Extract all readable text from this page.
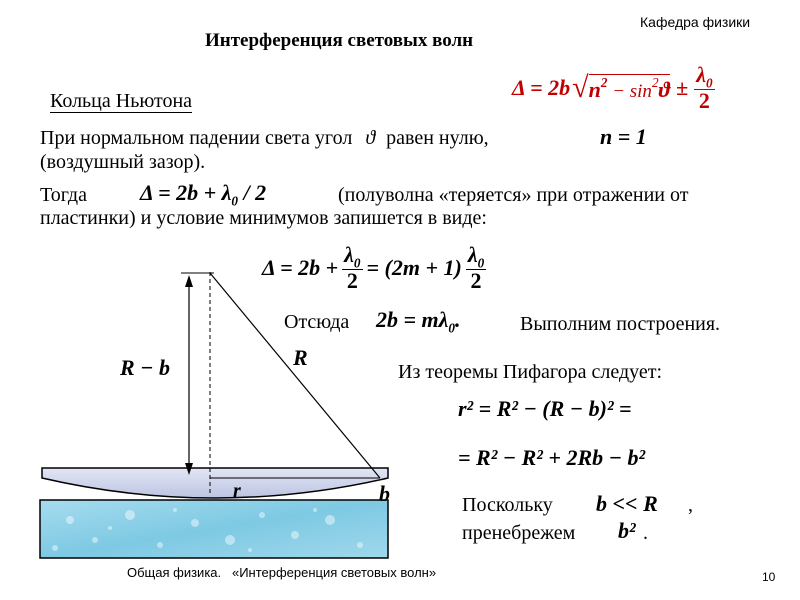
Кафедра физики
Интерференция световых волн
Δ = 2b √ $n^2 - \sin^2ϑ \pm \frac{\lambda_0}{2}$
Кольца Ньютона
При нормальном падении света угол ϑ равен нулю,	n = 1
(воздушный зазор).
Тогда $\Delta = 2b + \lambda_0 / 2$	(полуволна «теряется» при отражении от
пластинки) и условие минимумов запишется в виде:
$\Delta = 2b + \frac{\lambda_0}{2} = (2m + 1) \frac{\lambda_0}{2}$
Отсюда $2b = m\lambda_0$.	Выполним построения.
R − b	R
r	b
Из теоремы Пифагора следует:
r² = R² − (R − b)² =
= R² − R² + 2Rb − b²
Поскольку b << R ,
пренебрежем b² .
Общая физика.   «Интерференция световых волн»	10
